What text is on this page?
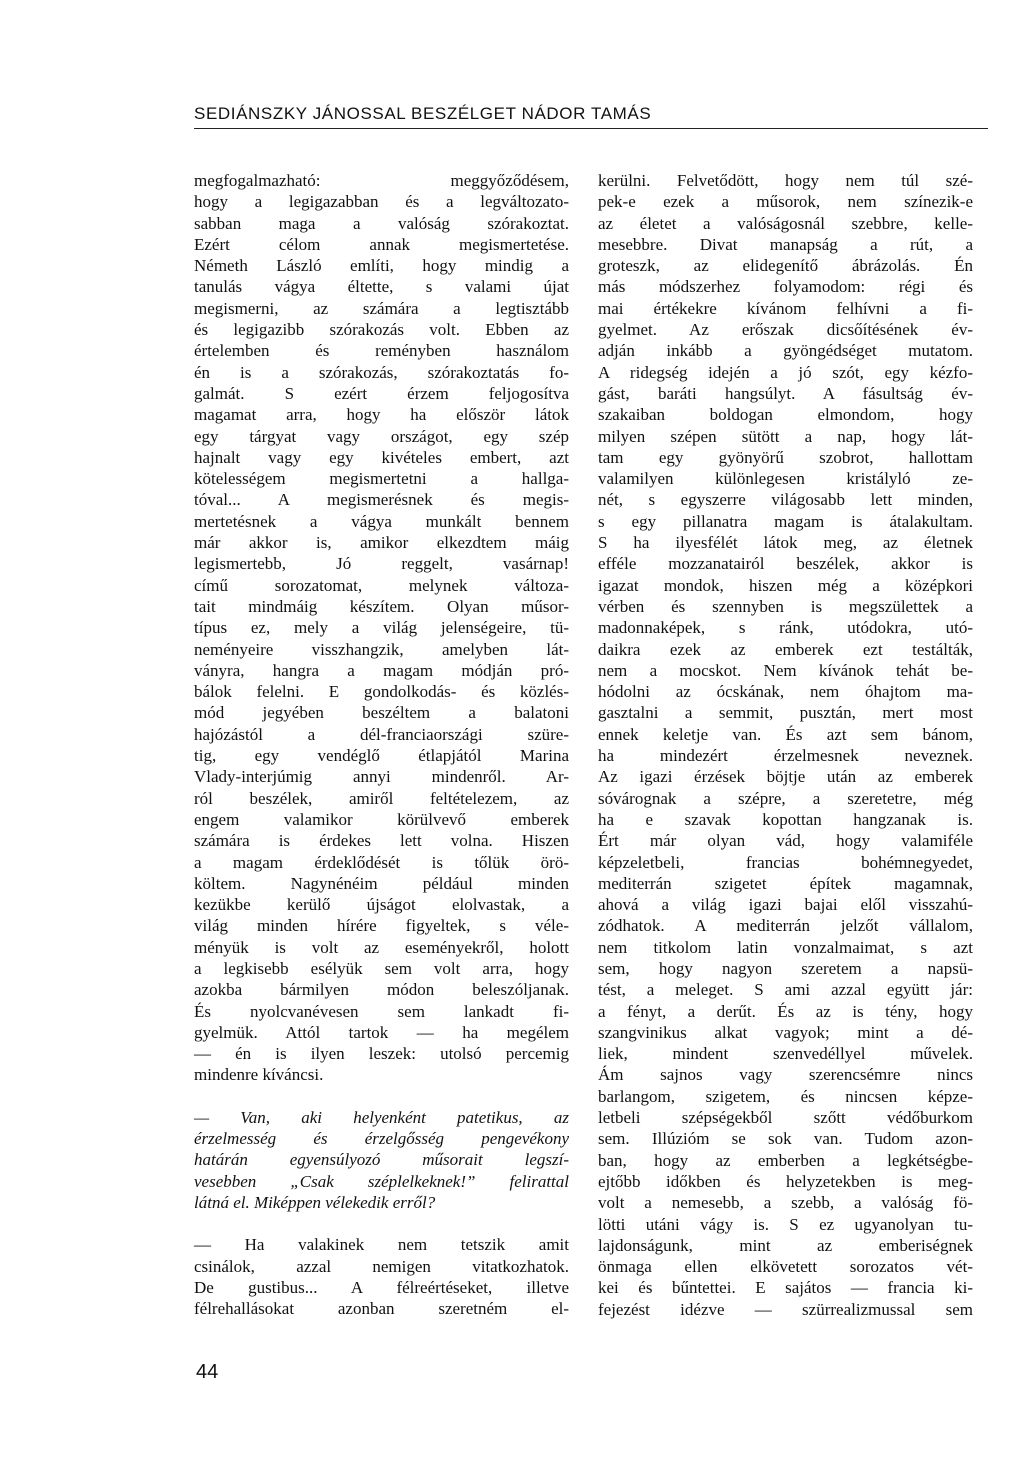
SEDIÁNSZKY JÁNOSSAL BESZÉLGET NÁDOR TAMÁS

megfogalmazható: meggyőződésem,
hogy a legigazabban és a legváltozato-
sabban maga a valóság szórakoztat.
Ezért célom annak megismertetése.
Németh László említi, hogy mindig a
tanulás vágya éltette, s valami újat
megismerni, az számára a legtisztább
és legigazibb szórakozás volt. Ebben az
értelemben és reményben használom
én is a szórakozás, szórakoztatás fo-
galmát. S ezért érzem feljogosítva
magamat arra, hogy ha először látok
egy tárgyat vagy országot, egy szép
hajnalt vagy egy kivételes embert, azt
kötelességem megismertetni a hallga-
tóval... A megismerésnek és megis-
mertetésnek a vágya munkált bennem
már akkor is, amikor elkezdtem máig
legismertebb, Jó reggelt, vasárnap!
című sorozatomat, melynek változa-
tait mindmáig készítem. Olyan műsor-
típus ez, mely a világ jelenségeire, tü-
neményeire visszhangzik, amelyben lát-
ványra, hangra a magam módján pró-
bálok felelni. E gondolkodás- és közlés-
mód jegyében beszéltem a balatoni
hajózástól a dél-franciaországi szüre-
tig, egy vendéglő étlapjától Marina
Vlady-interjúmig annyi mindenről. Ar-
ról beszélek, amiről feltételezem, az
engem valamikor körülvevő emberek
számára is érdekes lett volna. Hiszen
a magam érdeklődését is tőlük örö-
költem. Nagynénéim például minden
kezükbe kerülő újságot elolvastak, a
világ minden hírére figyeltek, s véle-
ményük is volt az eseményekről, holott
a legkisebb esélyük sem volt arra, hogy
azokba bármilyen módon beleszóljanak.
És nyolcvanévesen sem lankadt fi-
gyelmük. Attól tartok — ha megélem
— én is ilyen leszek: utolsó percemig
mindenre kíváncsi.

— Van, aki helyenként patetikus, az
érzelmesség és érzelgősség pengevékony
határán egyensúlyozó műsorait legszí-
vesebben „Csak széplelkeknek!” felirattal
látná el. Miképpen vélekedik erről?

— Ha valakinek nem tetszik amit
csinálok, azzal nemigen vitatkozhatok.
De gustibus... A félreértéseket, illetve
félrehallásokat azonban szeretném el-

kerülni. Felvetődött, hogy nem túl szé-
pek-e ezek a műsorok, nem színezik-e
az életet a valóságosnál szebbre, kelle-
mesebbre. Divat manapság a rút, a
groteszk, az elidegenítő ábrázolás. Én
más módszerhez folyamodom: régi és
mai értékekre kívánom felhívni a fi-
gyelmet. Az erőszak dicsőítésének év-
adján inkább a gyöngédséget mutatom.
A ridegség idején a jó szót, egy kézfo-
gást, baráti hangsúlyt. A fásultság év-
szakaiban boldogan elmondom, hogy
milyen szépen sütött a nap, hogy lát-
tam egy gyönyörű szobrot, hallottam
valamilyen különlegesen kristályló ze-
nét, s egyszerre világosabb lett minden,
s egy pillanatra magam is átalakultam.
S ha ilyesfélét látok meg, az életnek
efféle mozzanatairól beszélek, akkor is
igazat mondok, hiszen még a középkori
vérben és szennyben is megszülettek a
madonnaképek, s ránk, utódokra, utó-
daikra ezek az emberek ezt testálták,
nem a mocskot. Nem kívánok tehát be-
hódolni az ócskának, nem óhajtom ma-
gasztalni a semmit, pusztán, mert most
ennek keletje van. És azt sem bánom,
ha mindezért érzelmesnek neveznek.
Az igazi érzések böjtje után az emberek
sóvárognak a szépre, a szeretetre, még
ha e szavak kopottan hangzanak is.
Ért már olyan vád, hogy valamiféle
képzeletbeli, francias bohémnegyedet,
mediterrán szigetet építek magamnak,
ahová a világ igazi bajai elől visszahú-
zódhatok. A mediterrán jelzőt vállalom,
nem titkolom latin vonzalmaimat, s azt
sem, hogy nagyon szeretem a napsü-
tést, a meleget. S ami azzal együtt jár:
a fényt, a derűt. És az is tény, hogy
szangvinikus alkat vagyok; mint a dé-
liek, mindent szenvedéllyel művelek.
Ám sajnos vagy szerencsémre nincs
barlangom, szigetem, és nincsen képze-
letbeli szépségekből szőtt védőburkom
sem. Illúzióm se sok van. Tudom azon-
ban, hogy az emberben a legkétségbe-
ejtőbb időkben és helyzetekben is meg-
volt a nemesebb, a szebb, a valóság fö-
lötti utáni vágy is. S ez ugyanolyan tu-
lajdonságunk, mint az emberiségnek
önmaga ellen elkövetett sorozatos vét-
kei és bűntettei. E sajátos — francia ki-
fejezést idézve — szürrealizmussal sem

44
